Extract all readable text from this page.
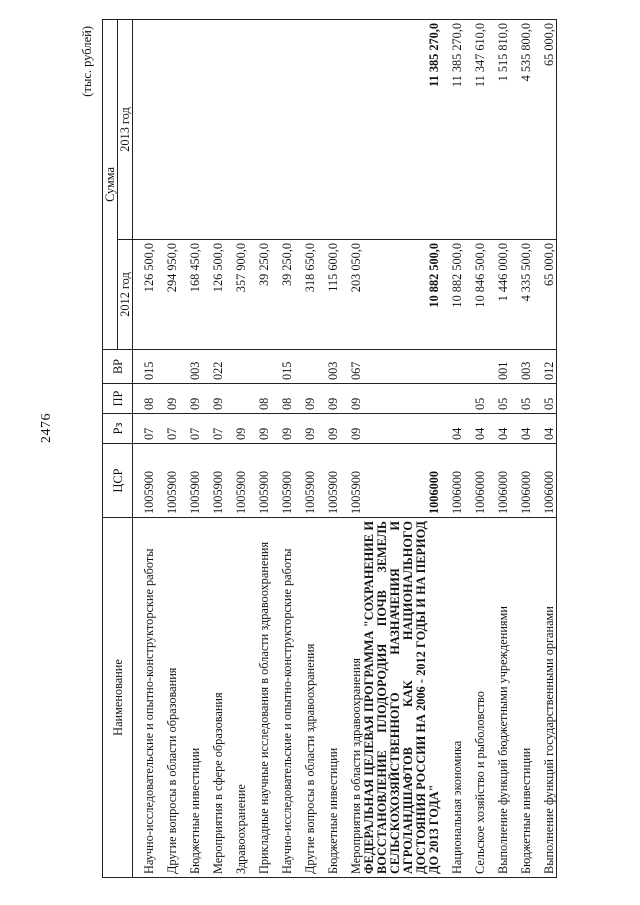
2476
(тыс. рублей)
Наименование	ЦСР	Рз	ПР	ВР	Сумма	
					2012 год	2013 год
Научно-исследовательские и опытно-конструкторские работы	1005900	07	08	015	126 500,0	
Другие вопросы в области образования	1005900	07	09		294 950,0	
Бюджетные инвестиции	1005900	07	09	003	168 450,0	
Мероприятия в сфере образования	1005900	07	09	022	126 500,0	
Здравоохранение	1005900	09			357 900,0	
Прикладные научные исследования в области здравоохранения	1005900	09	08		39 250,0	
Научно-исследовательские и опытно-конструкторские работы	1005900	09	08	015	39 250,0	
Другие вопросы в области здравоохранения	1005900	09	09		318 650,0	
Бюджетные инвестиции	1005900	09	09	003	115 600,0	
Мероприятия в области здравоохранения	1005900	09	09	067	203 050,0	
ФЕДЕРАЛЬНАЯ ЦЕЛЕВАЯ ПРОГРАММА "СОХРАНЕНИЕ И ВОССТАНОВЛЕНИЕ ПЛОДОРОДИЯ ПОЧВ ЗЕМЕЛЬ СЕЛЬСКОХОЗЯЙСТВЕННОГО НАЗНАЧЕНИЯ И АГРОЛАНДШАФТОВ КАК НАЦИОНАЛЬНОГО ДОСТОЯНИЯ РОССИИ НА 2006 - 2012 ГОДЫ И НА ПЕРИОД ДО 2013 ГОДА"	1006000				10 882 500,0	11 385 270,0
Национальная экономика	1006000	04			10 882 500,0	11 385 270,0
Сельское хозяйство и рыболовство	1006000	04	05		10 846 500,0	11 347 610,0
Выполнение функций бюджетными учреждениями	1006000	04	05	001	1 446 000,0	1 515 810,0
Бюджетные инвестиции	1006000	04	05	003	4 335 500,0	4 535 800,0
Выполнение функций государственными органами	1006000	04	05	012	65 000,0	65 000,0
